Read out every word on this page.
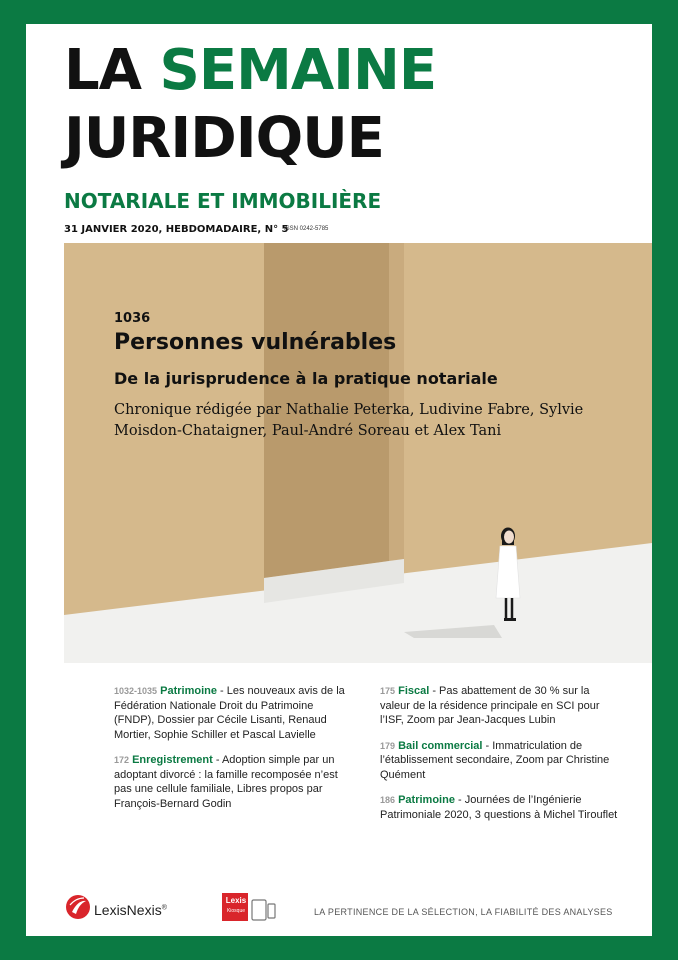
LA SEMAINE
JURIDIQUE
NOTARIALE ET IMMOBILIÈRE
31 JANVIER 2020, HEBDOMADAIRE, N° 5
ISSN 0242-5785
1036
Personnes vulnérables
De la jurisprudence à la pratique notariale
Chronique rédigée par Nathalie Peterka, Ludivine Fabre, Sylvie Moisdon-Chataigner, Paul-André Soreau et Alex Tani
1032-1035 Patrimoine - Les nouveaux avis de la Fédération Nationale Droit du Patrimoine (FNDP), Dossier par Cécile Lisanti, Renaud Mortier, Sophie Schiller et Pascal Lavielle
172 Enregistrement - Adoption simple par un adoptant divorcé : la famille recomposée n’est pas une cellule familiale, Libres propos par François-Bernard Godin
175 Fiscal - Pas abattement de 30 % sur la valeur de la résidence principale en SCI pour l’ISF, Zoom par Jean-Jacques Lubin
179 Bail commercial - Immatriculation de l’établissement secondaire, Zoom par Christine Quément
186 Patrimoine - Journées de l’Ingénierie Patrimoniale 2020, 3 questions à Michel Tirouflet
LexisNexis®
Lexis
Kiosque	LA PERTINENCE DE LA SÉLECTION, LA FIABILITÉ DES ANALYSES
